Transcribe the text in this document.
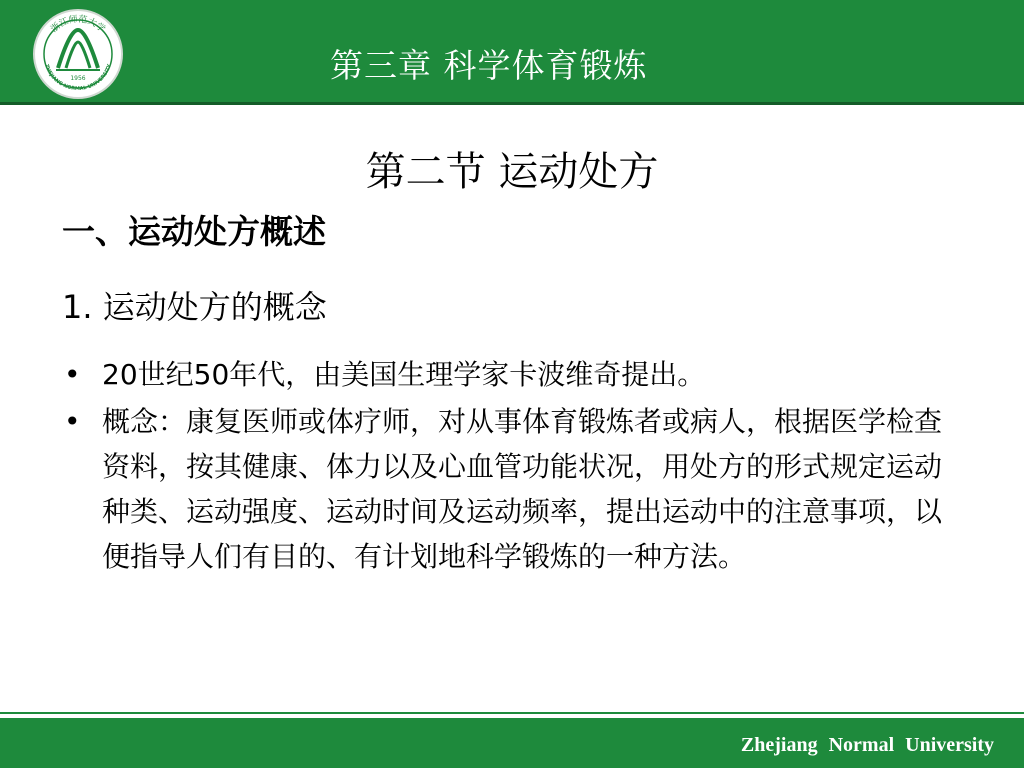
浙江师范大学
ZHEJIANG NORMAL UNIVERSITY
1956	第三章 科学体育锻炼
第二节 运动处方
一、运动处方概述
1. 运动处方的概念
• 20世纪50年代，由美国生理学家卡波维奇提出。
• 概念：康复医师或体疗师，对从事体育锻炼者或病人，根据医学检查资料，按其健康、体力以及心血管功能状况，用处方的形式规定运动种类、运动强度、运动时间及运动频率，提出运动中的注意事项，以便指导人们有目的、有计划地科学锻炼的一种方法。
Zhejiang Normal University
